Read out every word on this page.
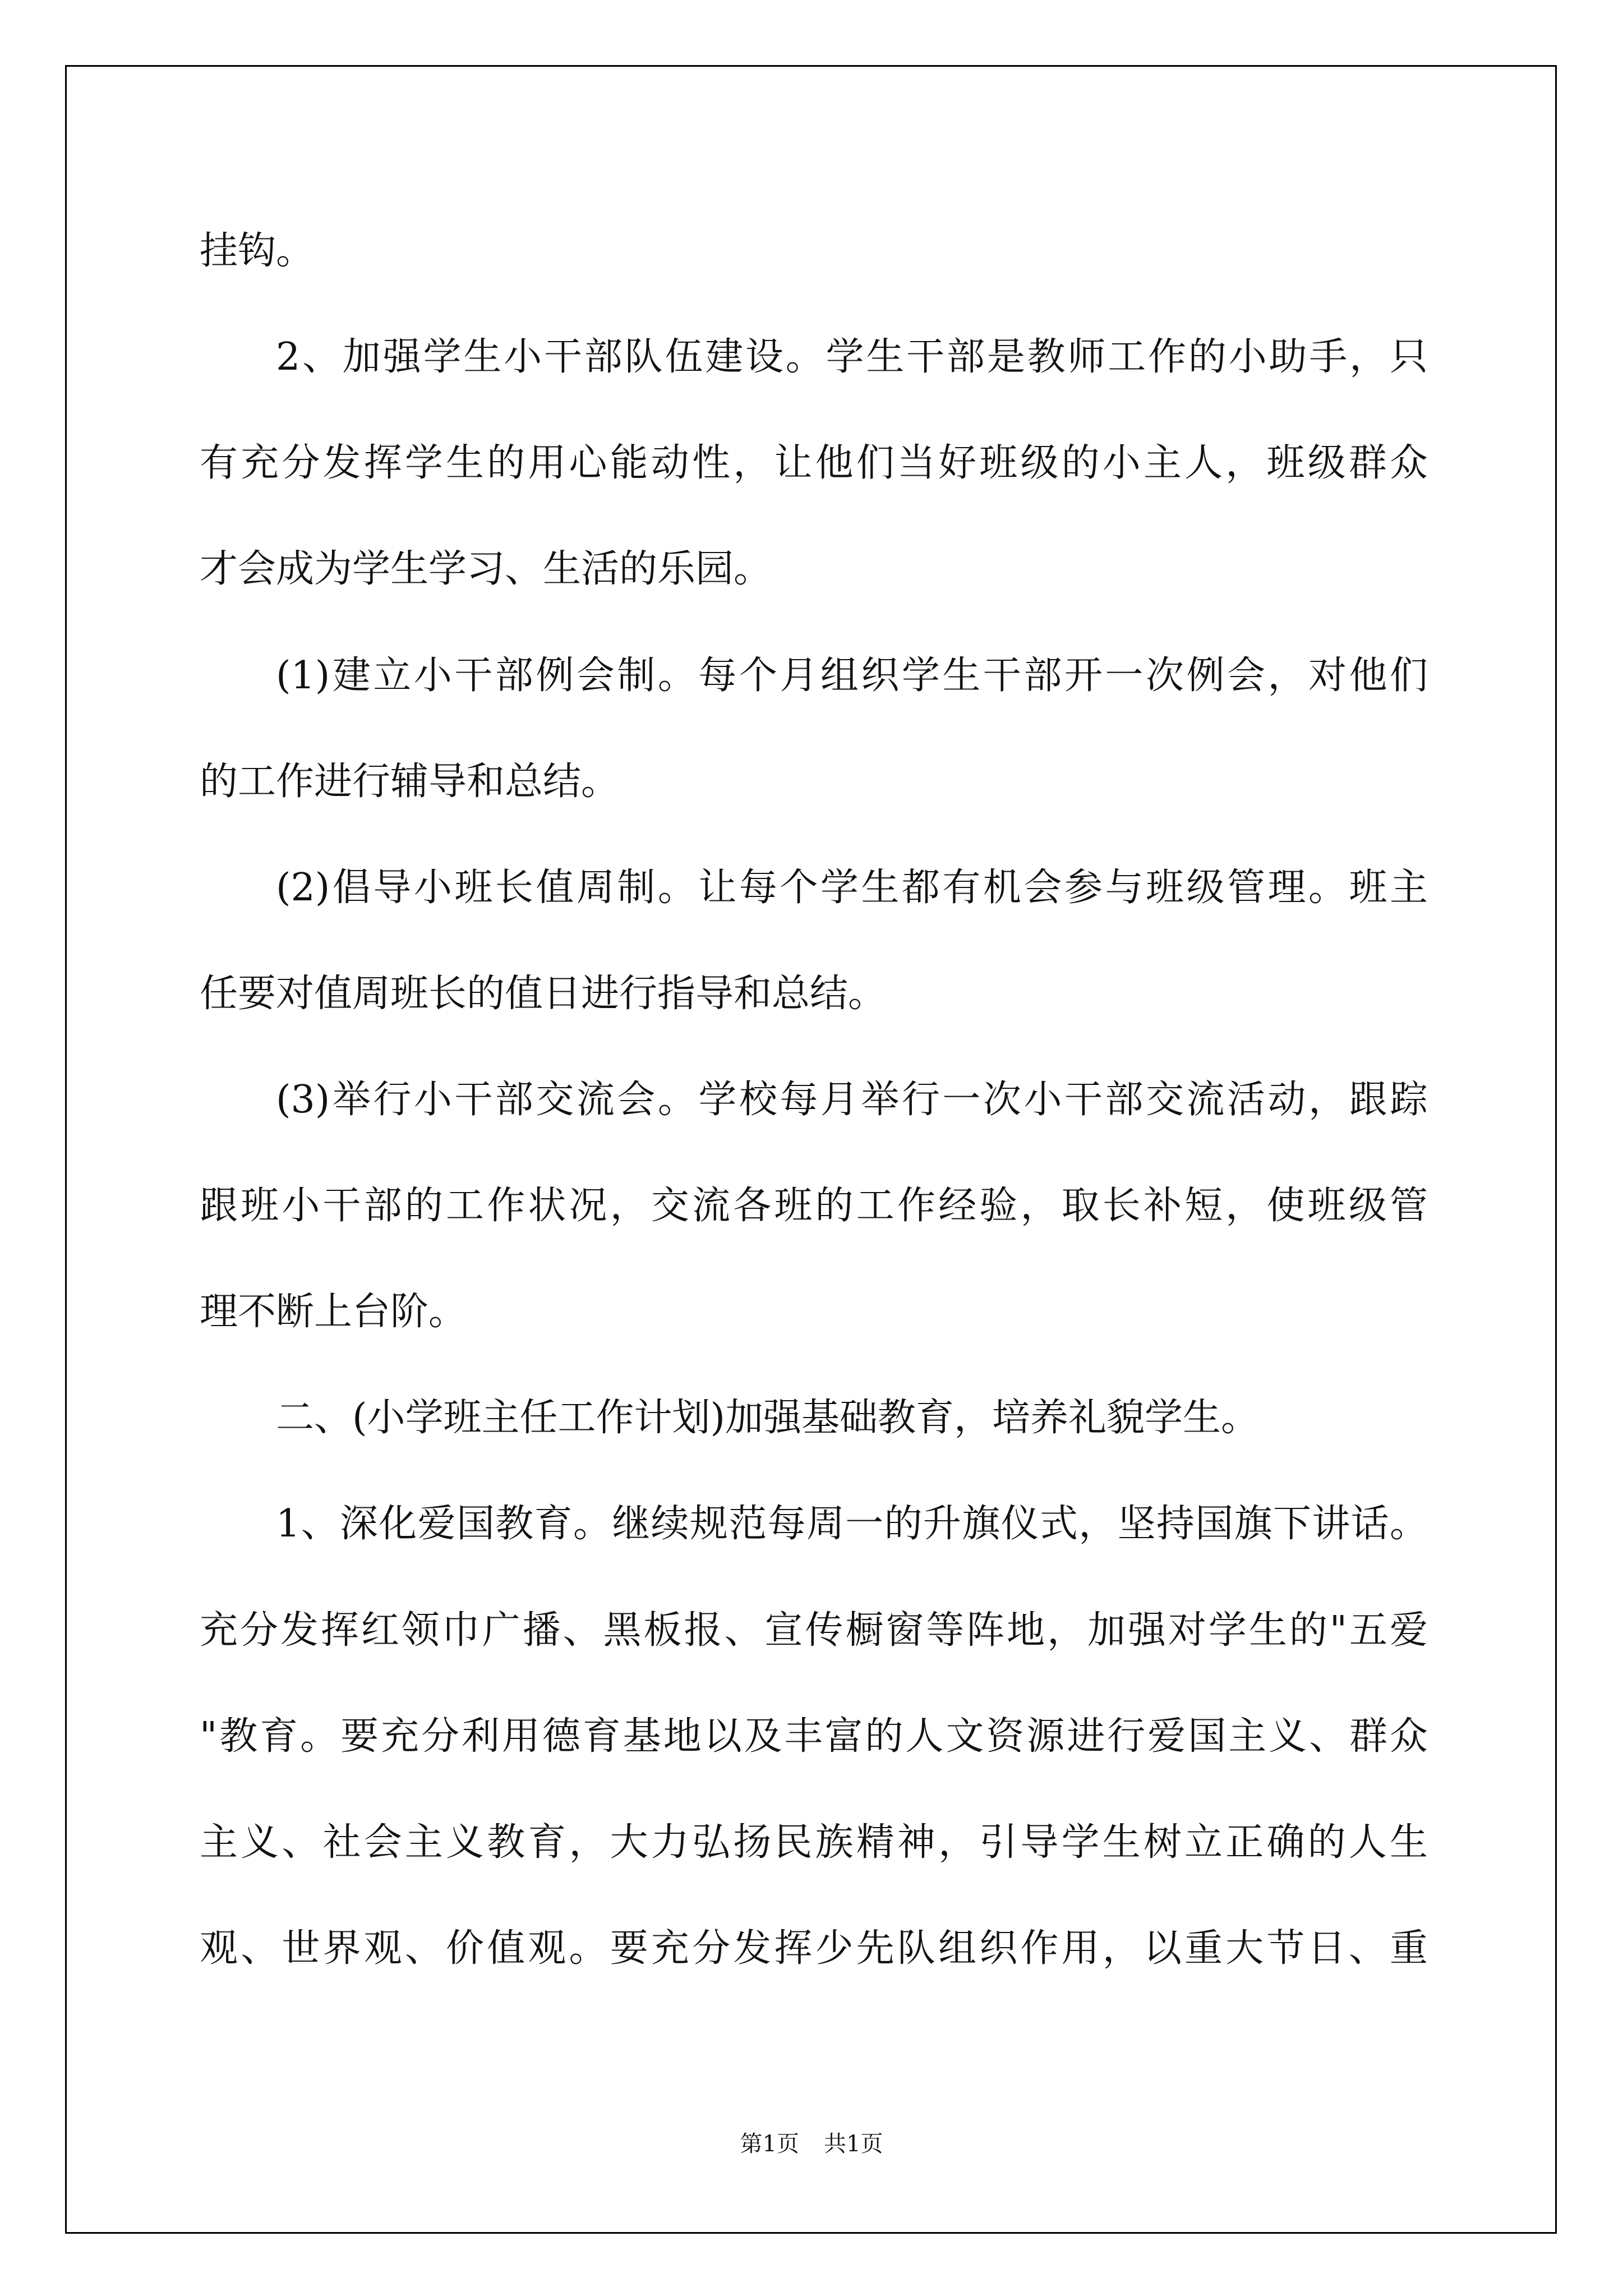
挂钩。
2、加强学生小干部队伍建设。学生干部是教师工作的小助手，只
有充分发挥学生的用心能动性，让他们当好班级的小主人，班级群众
才会成为学生学习、生活的乐园。
(1)建立小干部例会制。每个月组织学生干部开一次例会，对他们
的工作进行辅导和总结。
(2)倡导小班长值周制。让每个学生都有机会参与班级管理。班主
任要对值周班长的值日进行指导和总结。
(3)举行小干部交流会。学校每月举行一次小干部交流活动，跟踪
跟班小干部的工作状况，交流各班的工作经验，取长补短，使班级管
理不断上台阶。
二、(小学班主任工作计划)加强基础教育，培养礼貌学生。
1、深化爱国教育。继续规范每周一的升旗仪式，坚持国旗下讲话。
充分发挥红领巾广播、黑板报、宣传橱窗等阵地，加强对学生的"五爱
"教育。要充分利用德育基地以及丰富的人文资源进行爱国主义、群众
主义、社会主义教育，大力弘扬民族精神，引导学生树立正确的人生
观、世界观、价值观。要充分发挥少先队组织作用，以重大节日、重
第1页 共1页
